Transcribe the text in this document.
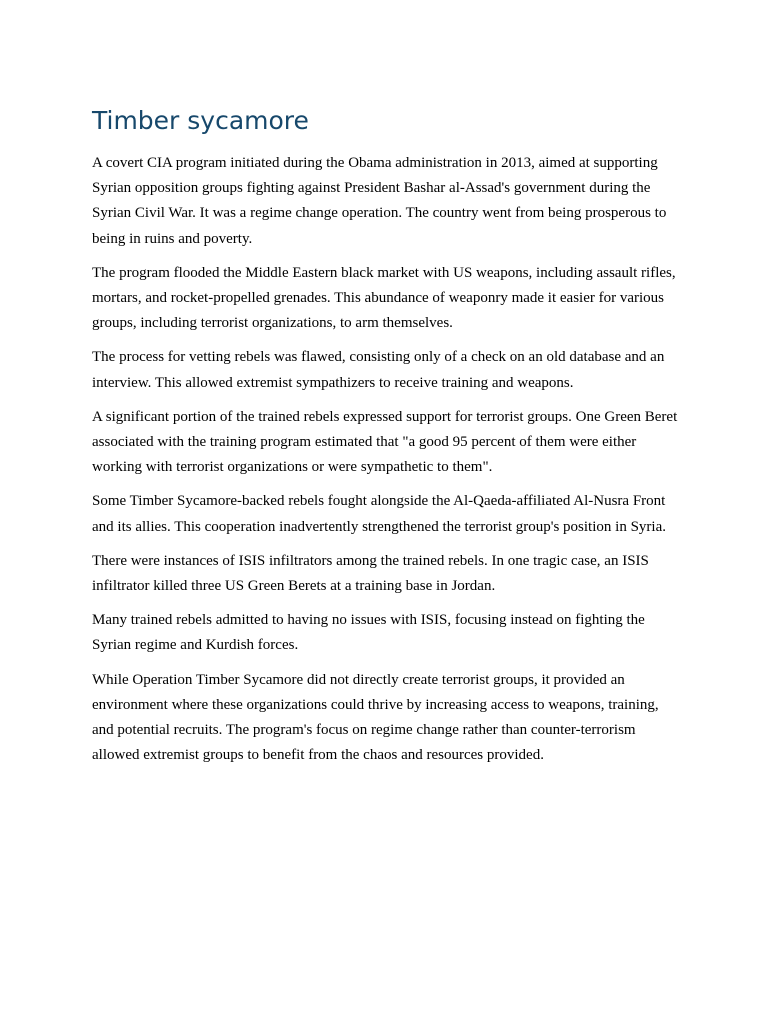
Timber sycamore

A covert CIA program initiated during the Obama administration in 2013, aimed at supporting Syrian opposition groups fighting against President Bashar al-Assad's government during the Syrian Civil War. It was a regime change operation. The country went from being prosperous to being in ruins and poverty.

The program flooded the Middle Eastern black market with US weapons, including assault rifles, mortars, and rocket-propelled grenades. This abundance of weaponry made it easier for various groups, including terrorist organizations, to arm themselves.

The process for vetting rebels was flawed, consisting only of a check on an old database and an interview. This allowed extremist sympathizers to receive training and weapons.

A significant portion of the trained rebels expressed support for terrorist groups. One Green Beret associated with the training program estimated that "a good 95 percent of them were either working with terrorist organizations or were sympathetic to them".

Some Timber Sycamore-backed rebels fought alongside the Al-Qaeda-affiliated Al-Nusra Front and its allies. This cooperation inadvertently strengthened the terrorist group's position in Syria.

There were instances of ISIS infiltrators among the trained rebels. In one tragic case, an ISIS infiltrator killed three US Green Berets at a training base in Jordan.

Many trained rebels admitted to having no issues with ISIS, focusing instead on fighting the Syrian regime and Kurdish forces.

While Operation Timber Sycamore did not directly create terrorist groups, it provided an environment where these organizations could thrive by increasing access to weapons, training, and potential recruits. The program's focus on regime change rather than counter-terrorism allowed extremist groups to benefit from the chaos and resources provided.
